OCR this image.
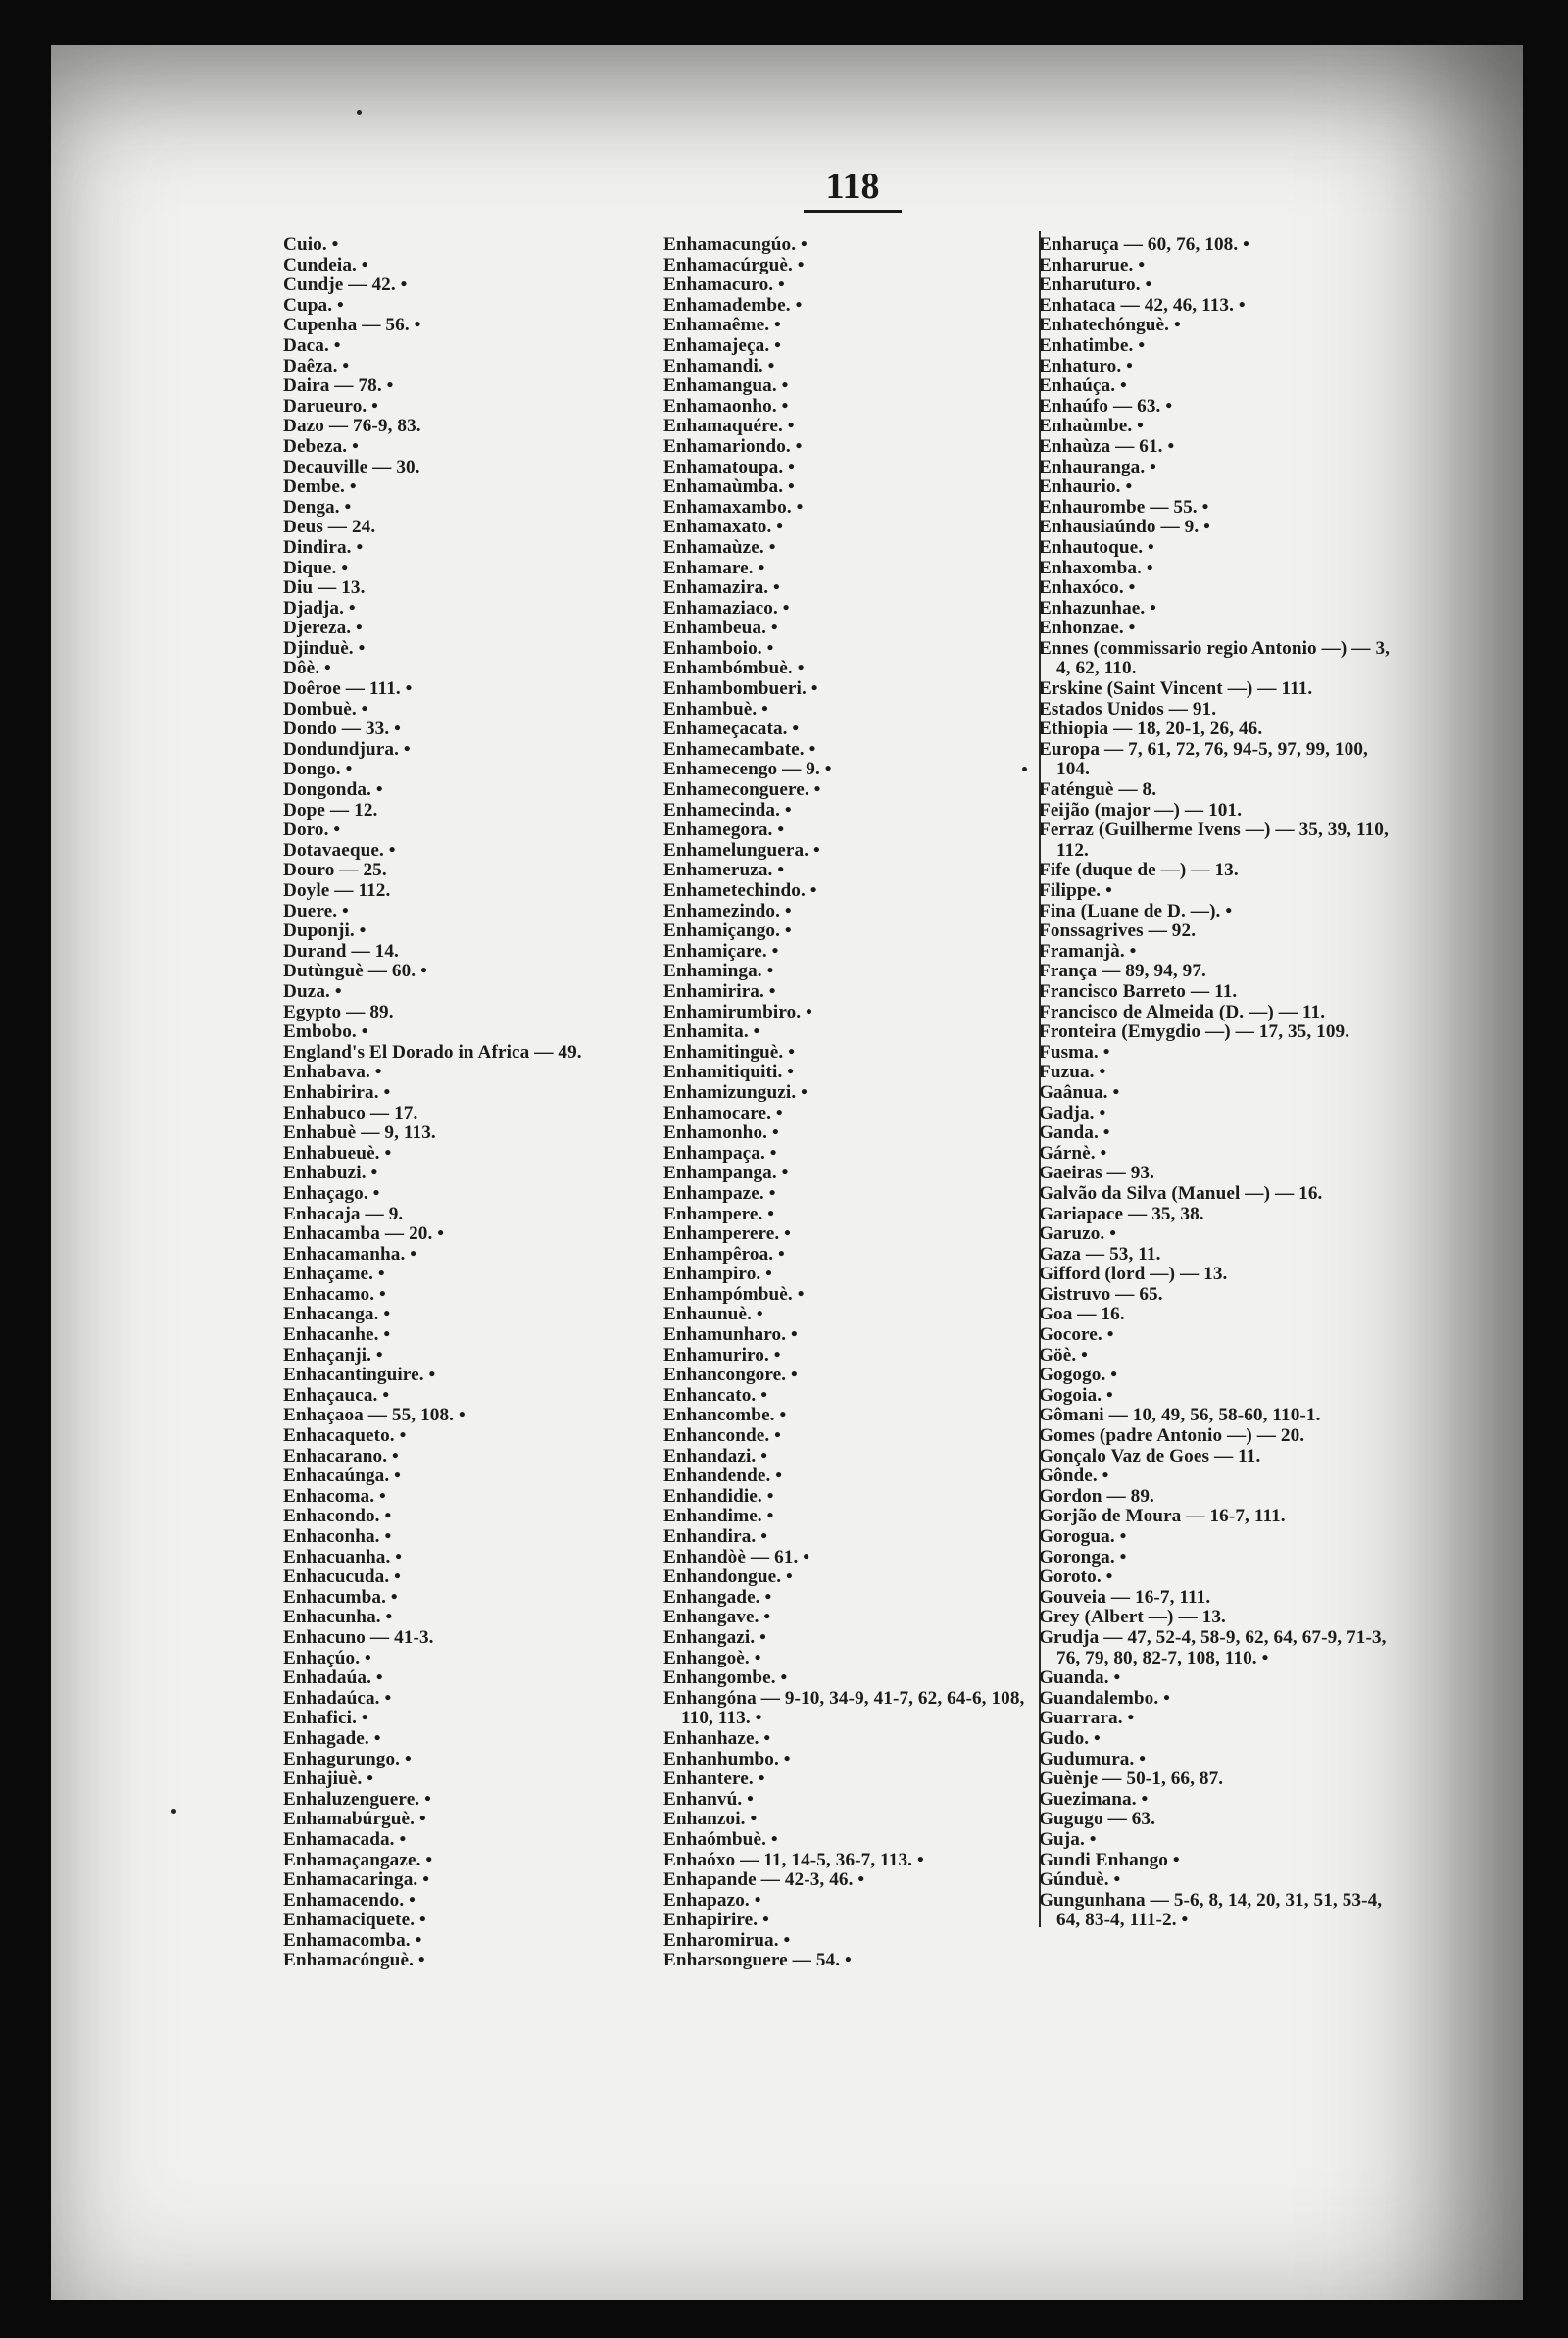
118
Cuio. •
Cundeia. •
Cundje — 42. •
Cupa. •
Cupenha — 56. •
Daca. •
Daêza. •
Daira — 78. •
Darueuro. •
Dazo — 76-9, 83.
Debeza. •
Decauville — 30.
Dembe. •
Denga. •
Deus — 24.
Dindira. •
Dique. •
Diu — 13.
Djadja. •
Djereza. •
Djinduè. •
Dôè. •
Doêroe — 111. •
Dombuè. •
Dondo — 33. •
Dondundjura. •
Dongo. •
Dongonda. •
Dope — 12.
Doro. •
Dotavaeque. •
Douro — 25.
Doyle — 112.
Duere. •
Duponji. •
Durand — 14.
Dutùnguè — 60. •
Duza. •
Egypto — 89.
Embobo. •
England's El Dorado in Africa — 49.
Enhabava. •
Enhabirira. •
Enhabuco — 17.
Enhabuè — 9, 113.
Enhabueuè. •
Enhabuzi. •
Enhaçago. •
Enhacaja — 9.
Enhacamba — 20. •
Enhacamanha. •
Enhaçame. •
Enhacamo. •
Enhacanga. •
Enhacanhe. •
Enhaçanji. •
Enhacantinguire. •
Enhaçauca. •
Enhaçaoa — 55, 108. •
Enhacaqueto. •
Enhacarano. •
Enhacaúnga. •
Enhacoma. •
Enhacondo. •
Enhaconha. •
Enhacuanha. •
Enhacucuda. •
Enhacumba. •
Enhacunha. •
Enhacuno — 41-3.
Enhaçúo. •
Enhadaúa. •
Enhadaúca. •
Enhafici. •
Enhagade. •
Enhagurungo. •
Enhajiuè. •
Enhaluzenguere. •
Enhamabúrguè. •
Enhamacada. •
Enhamaçangaze. •
Enhamacaringa. •
Enhamacendo. •
Enhamaciquete. •
Enhamacomba. •
Enhamacónguè. •
Enhamacungúo. •
Enhamacúrguè. •
Enhamacuro. •
Enhamadembe. •
Enhamaême. •
Enhamajeça. •
Enhamandi. •
Enhamangua. •
Enhamaonho. •
Enhamaquére. •
Enhamariondo. •
Enhamatoupa. •
Enhamaùmba. •
Enhamaxambo. •
Enhamaxato. •
Enhamaùze. •
Enhamare. •
Enhamazira. •
Enhamaziaco. •
Enhambeua. •
Enhamboio. •
Enhambómbuè. •
Enhambombueri. •
Enhambuè. •
Enhameçacata. •
Enhamecambate. •
Enhamecengo — 9. •
Enhameconguere. •
Enhamecinda. •
Enhamegora. •
Enhamelunguera. •
Enhameruza. •
Enhametechindo. •
Enhamezindo. •
Enhamiçango. •
Enhamiçare. •
Enhaminga. •
Enhamirira. •
Enhamirumbiro. •
Enhamita. •
Enhamitinguè. •
Enhamitiquiti. •
Enhamizunguzi. •
Enhamocare. •
Enhamonho. •
Enhampaça. •
Enhampanga. •
Enhampaze. •
Enhampere. •
Enhamperere. •
Enhampêroa. •
Enhampiro. •
Enhampómbuè. •
Enhaunuè. •
Enhamunharo. •
Enhamuriro. •
Enhancongore. •
Enhancato. •
Enhancombe. •
Enhanconde. •
Enhandazi. •
Enhandende. •
Enhandidie. •
Enhandime. •
Enhandira. •
Enhandòè — 61. •
Enhandongue. •
Enhangade. •
Enhangave. •
Enhangazi. •
Enhangoè. •
Enhangombe. •
Enhangóna — 9-10, 34-9, 41-7, 62, 64-6, 108, 110, 113. •
Enhanhaze. •
Enhanhumbo. •
Enhantere. •
Enhanvú. •
Enhanzoi. •
Enhaómbuè. •
Enhaóxo — 11, 14-5, 36-7, 113. •
Enhapande — 42-3, 46. •
Enhapazo. •
Enhapirire. •
Enharomirua. •
Enharsonguere — 54. •
Enharuça — 60, 76, 108. •
Enharurue. •
Enharuturo. •
Enhataca — 42, 46, 113. •
Enhatechónguè. •
Enhatimbe. •
Enhaturo. •
Enhaúça. •
Enhaúfo — 63. •
Enhaùmbe. •
Enhaùza — 61. •
Enhauranga. •
Enhaurio. •
Enhaurombe — 55. •
Enhausiaúndo — 9. •
Enhautoque. •
Enhaxomba. •
Enhaxóco. •
Enhazunhae. •
Enhonzae. •
Ennes (commissario regio Antonio —) — 3, 4, 62, 110.
Erskine (Saint Vincent —) — 111.
Estados Unidos — 91.
Ethiopia — 18, 20-1, 26, 46.
Europa — 7, 61, 72, 76, 94-5, 97, 99, 100, 104.
Faténguè — 8.
Feijão (major —) — 101.
Ferraz (Guilherme Ivens —) — 35, 39, 110, 112.
Fife (duque de —) — 13.
Filippe. •
Fina (Luane de D. —). •
Fonssagrives — 92.
Framanjà. •
França — 89, 94, 97.
Francisco Barreto — 11.
Francisco de Almeida (D. —) — 11.
Fronteira (Emygdio —) — 17, 35, 109.
Fusma. •
Fuzua. •
Gaânua. •
Gadja. •
Ganda. •
Gárnè. •
Gaeiras — 93.
Galvão da Silva (Manuel —) — 16.
Gariapace — 35, 38.
Garuzo. •
Gaza — 53, 11.
Gifford (lord —) — 13.
Gistruvo — 65.
Goa — 16.
Gocore. •
Göè. •
Gogogo. •
Gogoia. •
Gômani — 10, 49, 56, 58-60, 110-1.
Gomes (padre Antonio —) — 20.
Gonçalo Vaz de Goes — 11.
Gônde. •
Gordon — 89.
Gorjão de Moura — 16-7, 111.
Gorogua. •
Goronga. •
Goroto. •
Gouveia — 16-7, 111.
Grey (Albert —) — 13.
Grudja — 47, 52-4, 58-9, 62, 64, 67-9, 71-3, 76, 79, 80, 82-7, 108, 110. •
Guanda. •
Guandalembo. •
Guarrara. •
Gudo. •
Gudumura. •
Guènje — 50-1, 66, 87.
Guezimana. •
Gugugo — 63.
Guja. •
Gundi Enhango •
Gúnduè. •
Gungunhana — 5-6, 8, 14, 20, 31, 51, 53-4, 64, 83-4, 111-2. •
